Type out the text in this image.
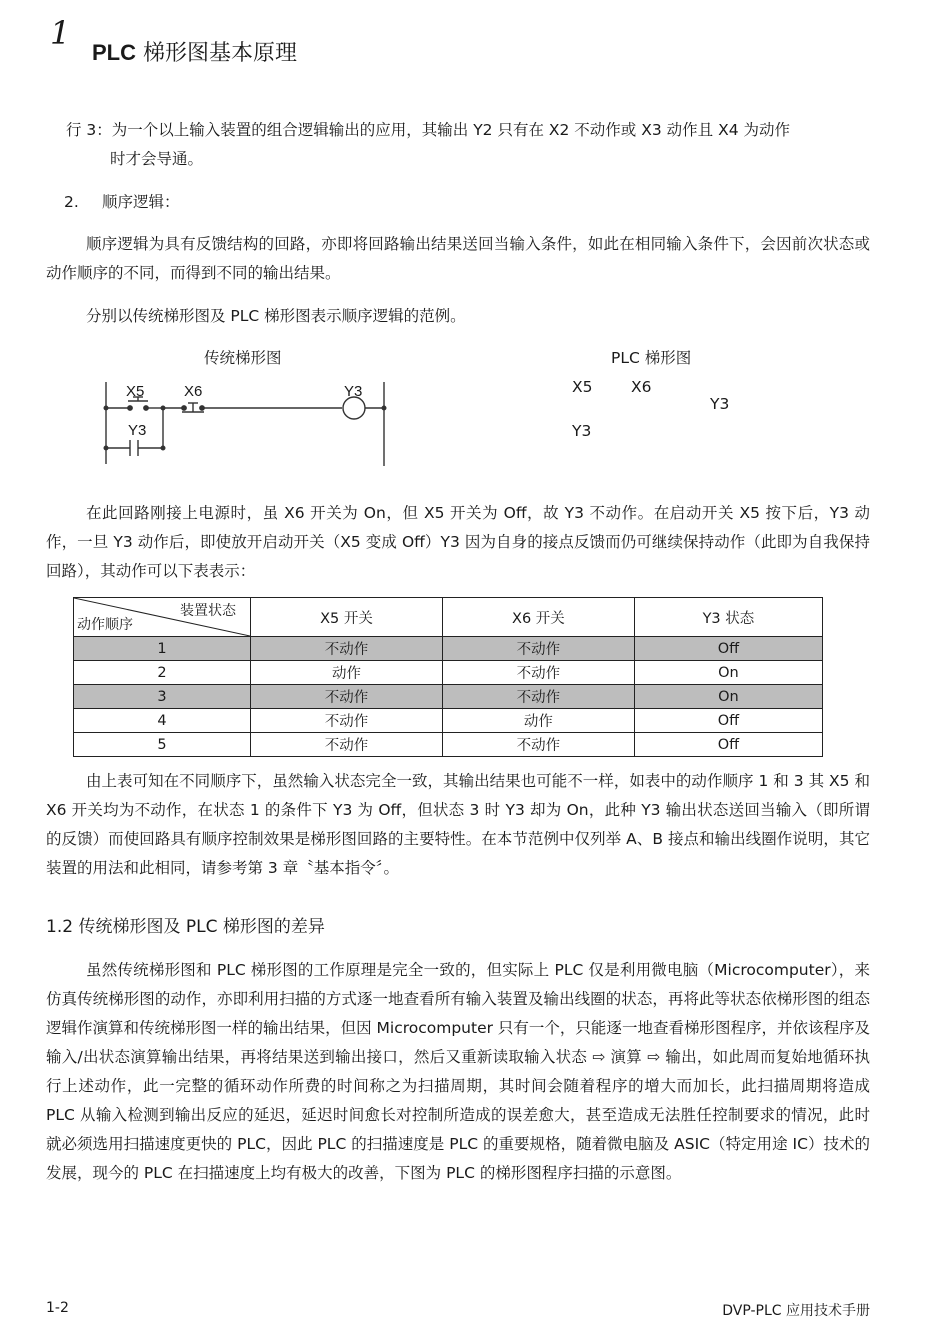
1
PLC 梯形图基本原理
行 3：为一个以上输入装置的组合逻辑输出的应用，其输出 Y2 只有在 X2 不动作或 X3 动作且 X4 为动作
时才会导通。
2. 顺序逻辑：
顺序逻辑为具有反馈结构的回路，亦即将回路输出结果送回当输入条件，如此在相同输入条件下，会因前次状态或动作顺序的不同，而得到不同的输出结果。
分别以传统梯形图及 PLC 梯形图表示顺序逻辑的范例。
传统梯形图	PLC 梯形图
X5	X6	Y3
Y3
X5 X6
Y3
Y3
在此回路刚接上电源时，虽 X6 开关为 On，但 X5 开关为 Off，故 Y3 不动作。在启动开关 X5 按下后，Y3 动作，一旦 Y3 动作后，即使放开启动开关（X5 变成 Off）Y3 因为自身的接点反馈而仍可继续保持动作（此即为自我保持回路），其动作可以下表表示：
装置状态
动作顺序	X5 开关	X6 开关	Y3 状态
1	不动作	不动作	Off
2	动作	不动作	On
3	不动作	不动作	On
4	不动作	动作	Off
5	不动作	不动作	Off
由上表可知在不同顺序下，虽然输入状态完全一致，其输出结果也可能不一样，如表中的动作顺序 1 和 3 其 X5 和 X6 开关均为不动作，在状态 1 的条件下 Y3 为 Off，但状态 3 时 Y3 却为 On，此种 Y3 输出状态送回当输入（即所谓的反馈）而使回路具有顺序控制效果是梯形图回路的主要特性。在本节范例中仅列举 A、B 接点和输出线圈作说明，其它装置的用法和此相同，请参考第 3 章〝基本指令〞。
1.2 传统梯形图及 PLC 梯形图的差异
虽然传统梯形图和 PLC 梯形图的工作原理是完全一致的，但实际上 PLC 仅是利用微电脑（Microcomputer），来仿真传统梯形图的动作，亦即利用扫描的方式逐一地查看所有输入装置及输出线圈的状态，再将此等状态依梯形图的组态逻辑作演算和传统梯形图一样的输出结果，但因 Microcomputer 只有一个，只能逐一地查看梯形图程序，并依该程序及输入/出状态演算输出结果，再将结果送到输出接口，然后又重新读取输入状态 ⇨ 演算 ⇨ 输出，如此周而复始地循环执行上述动作，此一完整的循环动作所费的时间称之为扫描周期，其时间会随着程序的增大而加长，此扫描周期将造成 PLC 从输入检测到输出反应的延迟，延迟时间愈长对控制所造成的误差愈大，甚至造成无法胜任控制要求的情况，此时就必须选用扫描速度更快的 PLC，因此 PLC 的扫描速度是 PLC 的重要规格，随着微电脑及 ASIC（特定用途 IC）技术的发展，现今的 PLC 在扫描速度上均有极大的改善，下图为 PLC 的梯形图程序扫描的示意图。
1-2	DVP-PLC 应用技术手册
